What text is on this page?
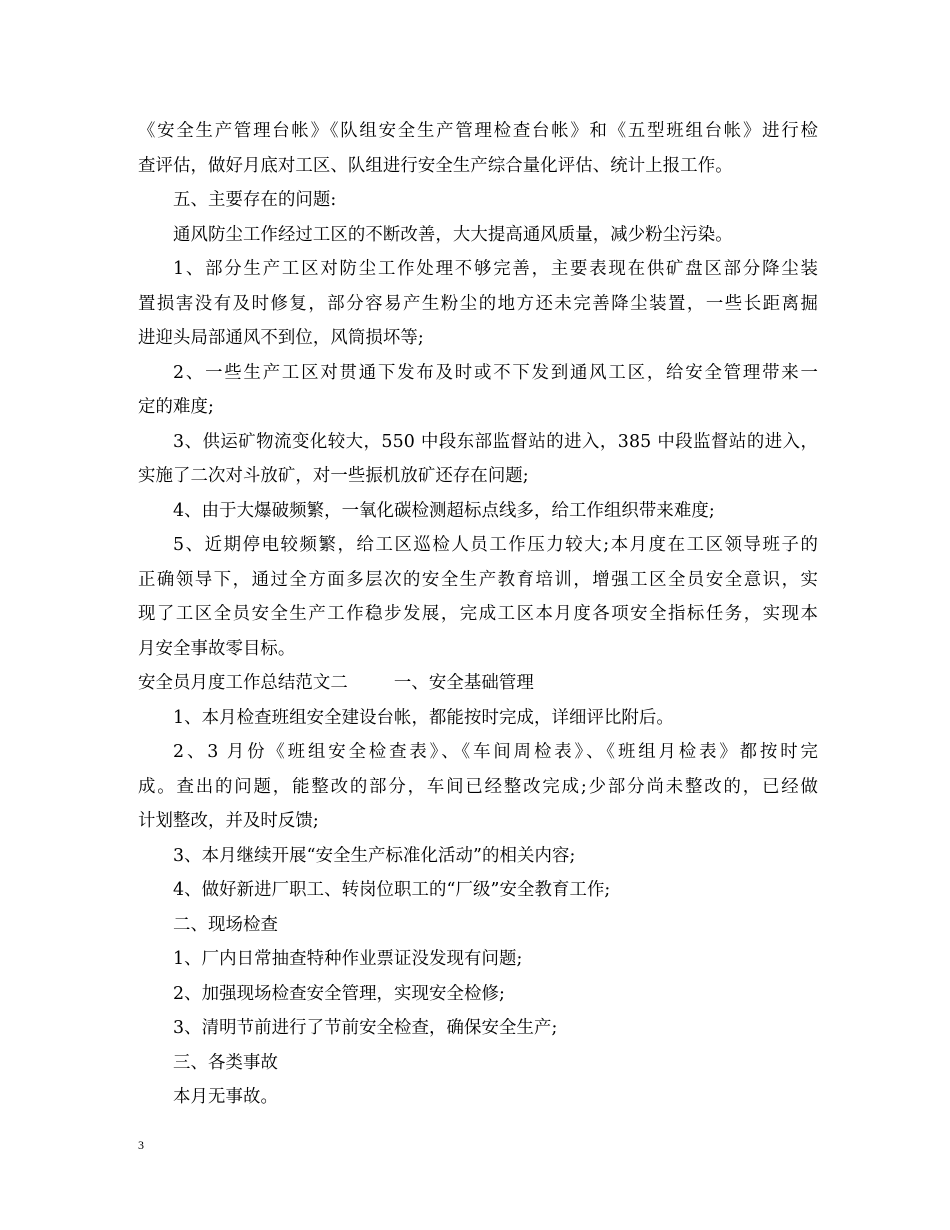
《安全生产管理台帐》《队组安全生产管理检查台帐》和《五型班组台帐》进行检
查评估，做好月底对工区、队组进行安全生产综合量化评估、统计上报工作。
五、主要存在的问题:
通风防尘工作经过工区的不断改善，大大提高通风质量，减少粉尘污染。
1、部分生产工区对防尘工作处理不够完善，主要表现在供矿盘区部分降尘装
置损害没有及时修复，部分容易产生粉尘的地方还未完善降尘装置，一些长距离掘
进迎头局部通风不到位，风筒损坏等;
2、一些生产工区对贯通下发布及时或不下发到通风工区，给安全管理带来一
定的难度;
3、供运矿物流变化较大，550 中段东部监督站的进入，385 中段监督站的进入，
实施了二次对斗放矿，对一些振机放矿还存在问题;
4、由于大爆破频繁，一氧化碳检测超标点线多，给工作组织带来难度;
5、近期停电较频繁，给工区巡检人员工作压力较大;本月度在工区领导班子的
正确领导下，通过全方面多层次的安全生产教育培训，增强工区全员安全意识，实
现了工区全员安全生产工作稳步发展，完成工区本月度各项安全指标任务，实现本
月安全事故零目标。
安全员月度工作总结范文二	一、安全基础管理
1、本月检查班组安全建设台帐，都能按时完成，详细评比附后。
2、3 月份《班组安全检查表》、《车间周检表》、《班组月检表》都按时完
成。查出的问题，能整改的部分，车间已经整改完成;少部分尚未整改的，已经做
计划整改，并及时反馈;
3、本月继续开展“安全生产标准化活动”的相关内容;
4、做好新进厂职工、转岗位职工的“厂级”安全教育工作;
二、现场检查
1、厂内日常抽查特种作业票证没发现有问题;
2、加强现场检查安全管理，实现安全检修;
3、清明节前进行了节前安全检查，确保安全生产;
三、各类事故
本月无事故。
3
